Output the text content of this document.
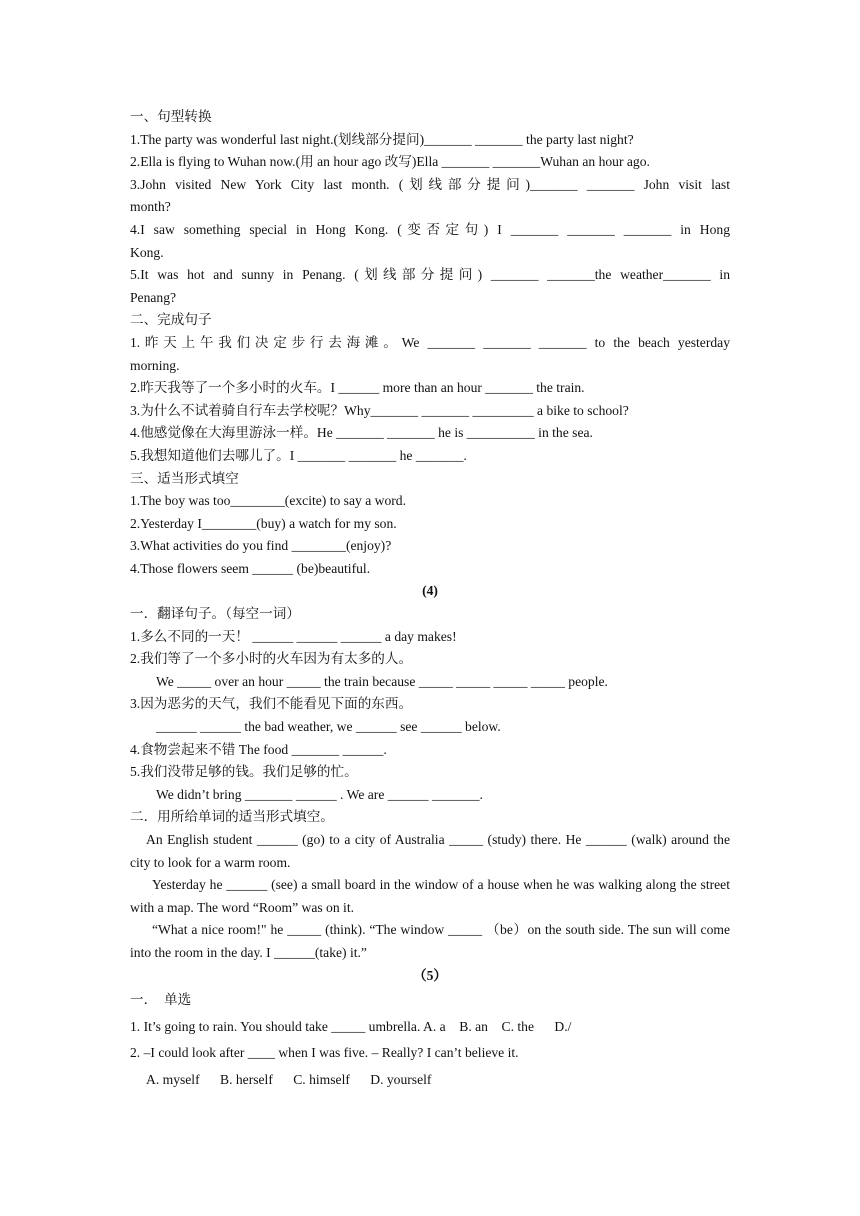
一、句型转换
1.The party was wonderful last night.(划线部分提问)_______ _______ the party last night?
2.Ella is flying to Wuhan now.(用 an hour ago 改写)Ella _______ _______Wuhan an hour ago.
3.John visited New York City last month. (划线部分提问)_______ _______ John visit last
month?
4.I saw something special in Hong Kong. (变否定句) I _______ _______ _______ in Hong
Kong.
5.It was hot and sunny in Penang. (划线部分提问) _______ _______the weather_______ in
Penang?
二、完成句子
1.昨天上午我们决定步行去海滩。We _______ _______ _______ to the beach yesterday
morning.
2.昨天我等了一个多小时的火车。I ______ more than an hour _______ the train.
3.为什么不试着骑自行车去学校呢？Why_______ _______ _________ a bike to school?
4.他感觉像在大海里游泳一样。He _______ _______ he is __________ in the sea.
5.我想知道他们去哪儿了。I _______ _______ he _______.
三、适当形式填空
1.The boy was too________(excite) to say a word.
2.Yesterday I________(buy) a watch for my son.
3.What activities do you find ________(enjoy)?
4.Those flowers seem ______ (be)beautiful.
(4)
一．翻译句子。（每空一词）
1.多么不同的一天！ ______ ______ ______ a day makes!
2.我们等了一个多小时的火车因为有太多的人。
We _____ over an hour _____ the train because _____ _____ _____ _____ people.
3.因为恶劣的天气，我们不能看见下面的东西。
______ ______ the bad weather, we ______ see ______ below.
4.食物尝起来不错 The food _______ ______.
5.我们没带足够的钱。我们足够的忙。
We didn’t bring _______ ______ . We are ______ _______.
二．用所给单词的适当形式填空。
An English student ______ (go) to a city of Australia _____ (study) there. He ______ (walk) around the city to look for a warm room.
Yesterday he ______ (see) a small board in the window of a house when he was walking along the street with a map. The word “Room” was on it.
“What a nice room!" he _____ (think). “The window _____ （be）on the south side. The sun will come into the room in the day. I ______(take) it.”
（5）
一．  单选
1. It’s going to rain. You should take _____ umbrella. A. a    B. an    C. the      D./
2. –I could look after ____ when I was five. – Really? I can’t believe it.
A. myself      B. herself      C. himself      D. yourself
